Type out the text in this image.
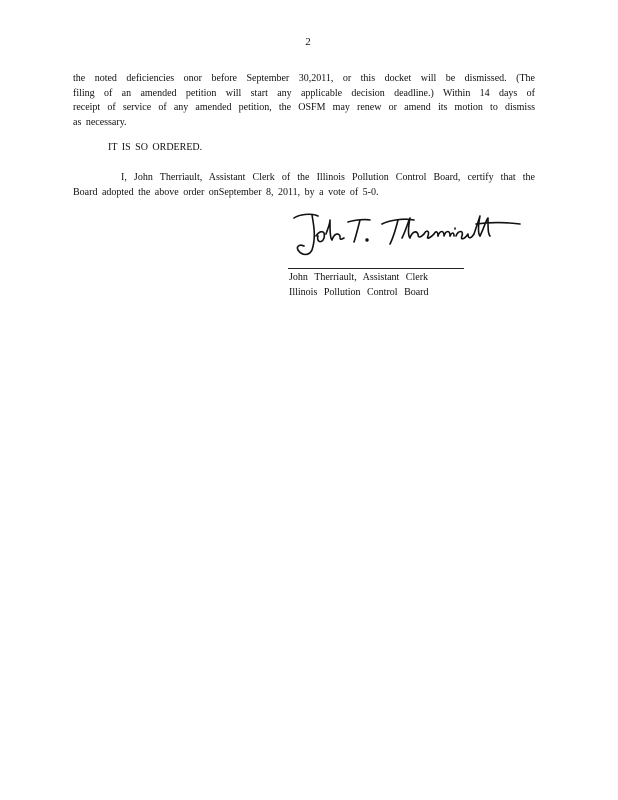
2
the noted deficiencies onor before September 30,2011, or this docket will be dismissed. (The
filing of an amended petition will start any applicable decision deadline.) Within 14 days of
receipt of service of any amended petition, the OSFM may renew or amend its motion to dismiss
as necessary.
IT IS SO ORDERED.
I, John Therriault, Assistant Clerk of the Illinois Pollution Control Board, certify that the
Board adopted the above order onSeptember 8, 2011, by a vote of 5-0.
John Therriault, Assistant Clerk
Illinois Pollution Control Board
